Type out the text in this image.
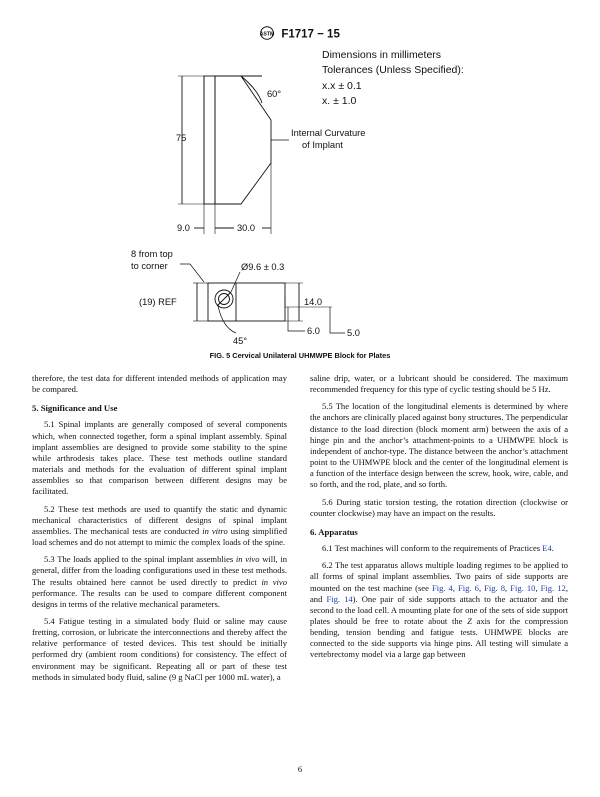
ASTM F1717 − 15
Dimensions in millimeters
Tolerances (Unless Specified):
x.x ± 0.1
x. ± 1.0
60°
75	Internal Curvature
of Implant
9.0	30.0
8 from top
to corner	Ø9.6 ± 0.3
(19) REF	14.0
6.0	5.0
45°
FIG. 5 Cervical Unilateral UHMWPE Block for Plates

therefore, the test data for different intended methods of application may be compared.

5. Significance and Use

5.1 Spinal implants are generally composed of several components which, when connected together, form a spinal implant assembly. Spinal implant assemblies are designed to provide some stability to the spine while arthrodesis takes place. These test methods outline standard materials and methods for the evaluation of different spinal implant assemblies so that comparison between different designs may be facilitated.

5.2 These test methods are used to quantify the static and dynamic mechanical characteristics of different designs of spinal implant assemblies. The mechanical tests are conducted in vitro using simplified load schemes and do not attempt to mimic the complex loads of the spine.

5.3 The loads applied to the spinal implant assemblies in vivo will, in general, differ from the loading configurations used in these test methods. The results obtained here cannot be used directly to predict in vivo performance. The results can be used to compare different component designs in terms of the relative mechanical parameters.

5.4 Fatigue testing in a simulated body fluid or saline may cause fretting, corrosion, or lubricate the interconnections and thereby affect the relative performance of tested devices. This test should be initially performed dry (ambient room conditions) for consistency. The effect of environment may be significant. Repeating all or part of these test methods in simulated body fluid, saline (9 g NaCl per 1000 mL water), a

saline drip, water, or a lubricant should be considered. The maximum recommended frequency for this type of cyclic testing should be 5 Hz.

5.5 The location of the longitudinal elements is determined by where the anchors are clinically placed against bony structures. The perpendicular distance to the load direction (block moment arm) between the axis of a hinge pin and the anchor’s attachment-points to a UHMWPE block is independent of anchor-type. The distance between the anchor’s attachment point to the UHMWPE block and the center of the longitudinal element is a function of the interface design between the screw, hook, wire, cable, and so forth, and the rod, plate, and so forth.

5.6 During static torsion testing, the rotation direction (clockwise or counter clockwise) may have an impact on the results.

6. Apparatus

6.1 Test machines will conform to the requirements of Practices E4.

6.2 The test apparatus allows multiple loading regimes to be applied to all forms of spinal implant assemblies. Two pairs of side supports are mounted on the test machine (see Fig. 4, Fig. 6, Fig. 8, Fig. 10, Fig. 12, and Fig. 14). One pair of side supports attach to the actuator and the second to the load cell. A mounting plate for one of the sets of side support plates should be free to rotate about the Z axis for the compression bending, tension bending and fatigue tests. UHMWPE blocks are connected to the side supports via hinge pins. All testing will simulate a vertebrectomy model via a large gap between

6
